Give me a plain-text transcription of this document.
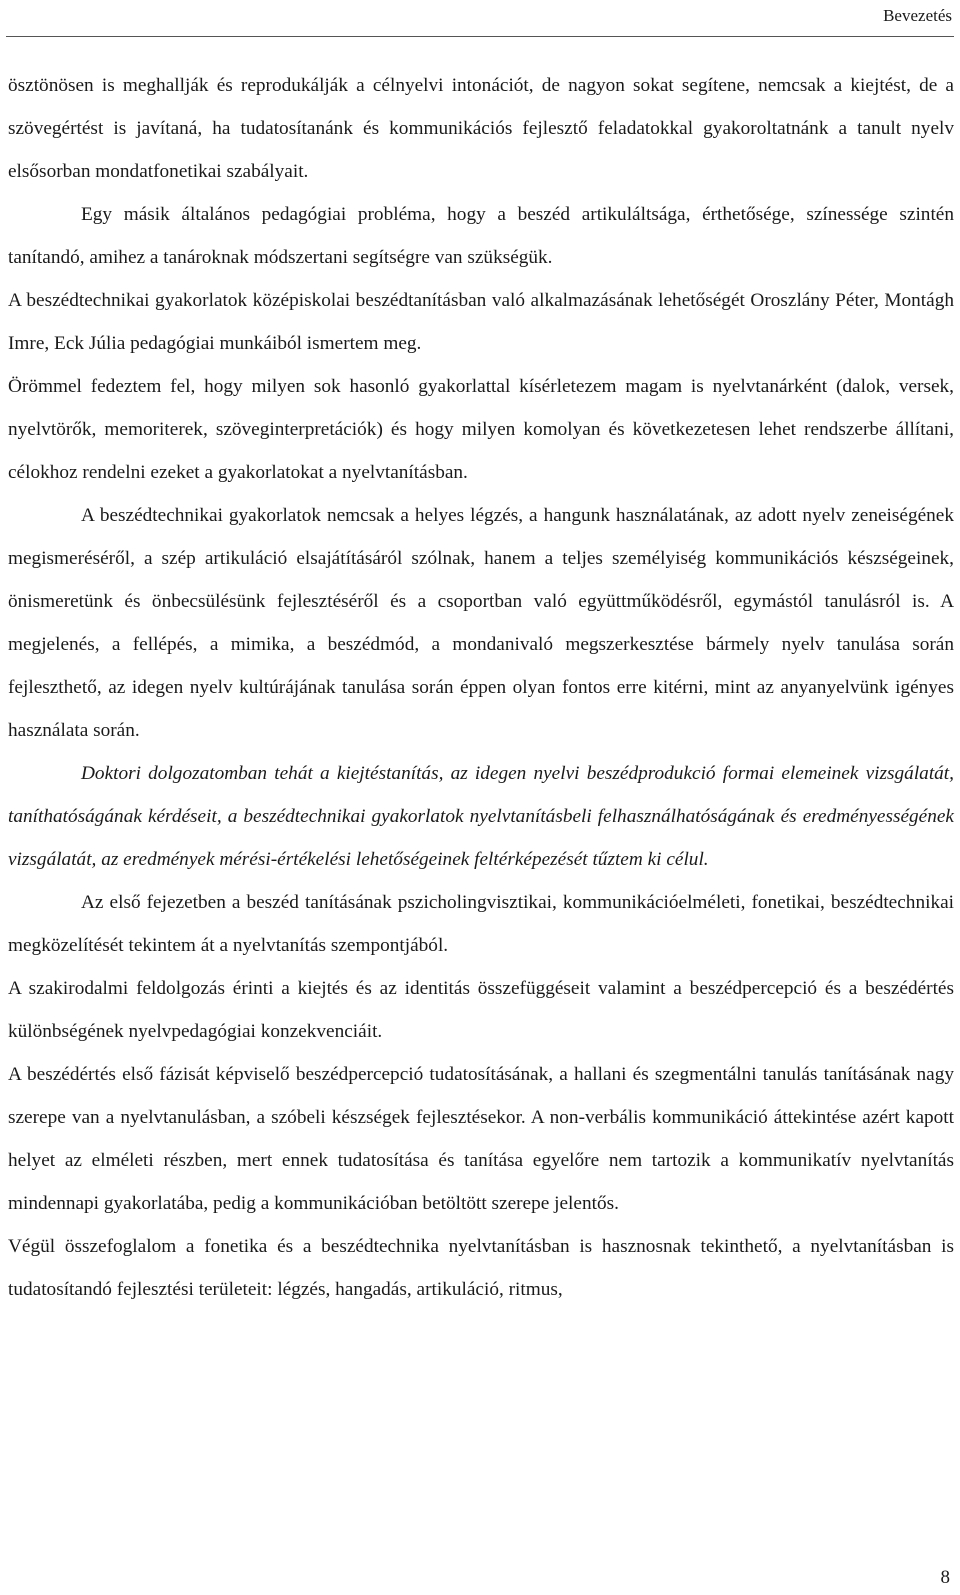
Bevezetés

ösztönösen is meghallják és reprodukálják a célnyelvi intonációt, de nagyon sokat segítene, nemcsak a kiejtést, de a szövegértést is javítaná, ha tudatosítanánk és kommunikációs fejlesztő feladatokkal gyakoroltatnánk a tanult nyelv elsősorban mondatfonetikai szabályait.

Egy másik általános pedagógiai probléma, hogy a beszéd artikuláltsága, érthetősége, színessége szintén tanítandó, amihez a tanároknak módszertani segítségre van szükségük.

A beszédtechnikai gyakorlatok középiskolai beszédtanításban való alkalmazásának lehetőségét Oroszlány Péter, Montágh Imre, Eck Júlia pedagógiai munkáiból ismertem meg.

Örömmel fedeztem fel, hogy milyen sok hasonló gyakorlattal kísérletezem magam is nyelvtanárként (dalok, versek, nyelvtörők, memoriterek, szöveginterpretációk) és hogy milyen komolyan és következetesen lehet rendszerbe állítani, célokhoz rendelni ezeket a gyakorlatokat a nyelvtanításban.

A beszédtechnikai gyakorlatok nemcsak a helyes légzés, a hangunk használatának, az adott nyelv zeneiségének megismeréséről, a szép artikuláció elsajátításáról szólnak, hanem a teljes személyiség kommunikációs készségeinek, önismeretünk és önbecsülésünk fejlesztéséről és a csoportban való együttműködésről, egymástól tanulásról is. A megjelenés, a fellépés, a mimika, a beszédmód, a mondanivaló megszerkesztése bármely nyelv tanulása során fejleszthető, az idegen nyelv kultúrájának tanulása során éppen olyan fontos erre kitérni, mint az anyanyelvünk igényes használata során.

Doktori dolgozatomban tehát a kiejtéstanítás, az idegen nyelvi beszédprodukció formai elemeinek vizsgálatát, taníthatóságának kérdéseit, a beszédtechnikai gyakorlatok nyelvtanításbeli felhasználhatóságának és eredményességének vizsgálatát, az eredmények mérési-értékelési lehetőségeinek feltérképezését tűztem ki célul.

Az első fejezetben a beszéd tanításának pszicholingvisztikai, kommunikációelméleti, fonetikai, beszédtechnikai megközelítését tekintem át a nyelvtanítás szempontjából.

A szakirodalmi feldolgozás érinti a kiejtés és az identitás összefüggéseit valamint a beszédpercepció és a beszédértés különbségének nyelvpedagógiai konzekvenciáit.

A beszédértés első fázisát képviselő beszédpercepció tudatosításának, a hallani és szegmentálni tanulás tanításának nagy szerepe van a nyelvtanulásban, a szóbeli készségek fejlesztésekor. A non-verbális kommunikáció áttekintése azért kapott helyet az elméleti részben, mert ennek tudatosítása és tanítása egyelőre nem tartozik a kommunikatív nyelvtanítás mindennapi gyakorlatába, pedig a kommunikációban betöltött szerepe jelentős.

Végül összefoglalom a fonetika és a beszédtechnika nyelvtanításban is hasznosnak tekinthető, a nyelvtanításban is tudatosítandó fejlesztési területeit: légzés, hangadás, artikuláció, ritmus,

8
